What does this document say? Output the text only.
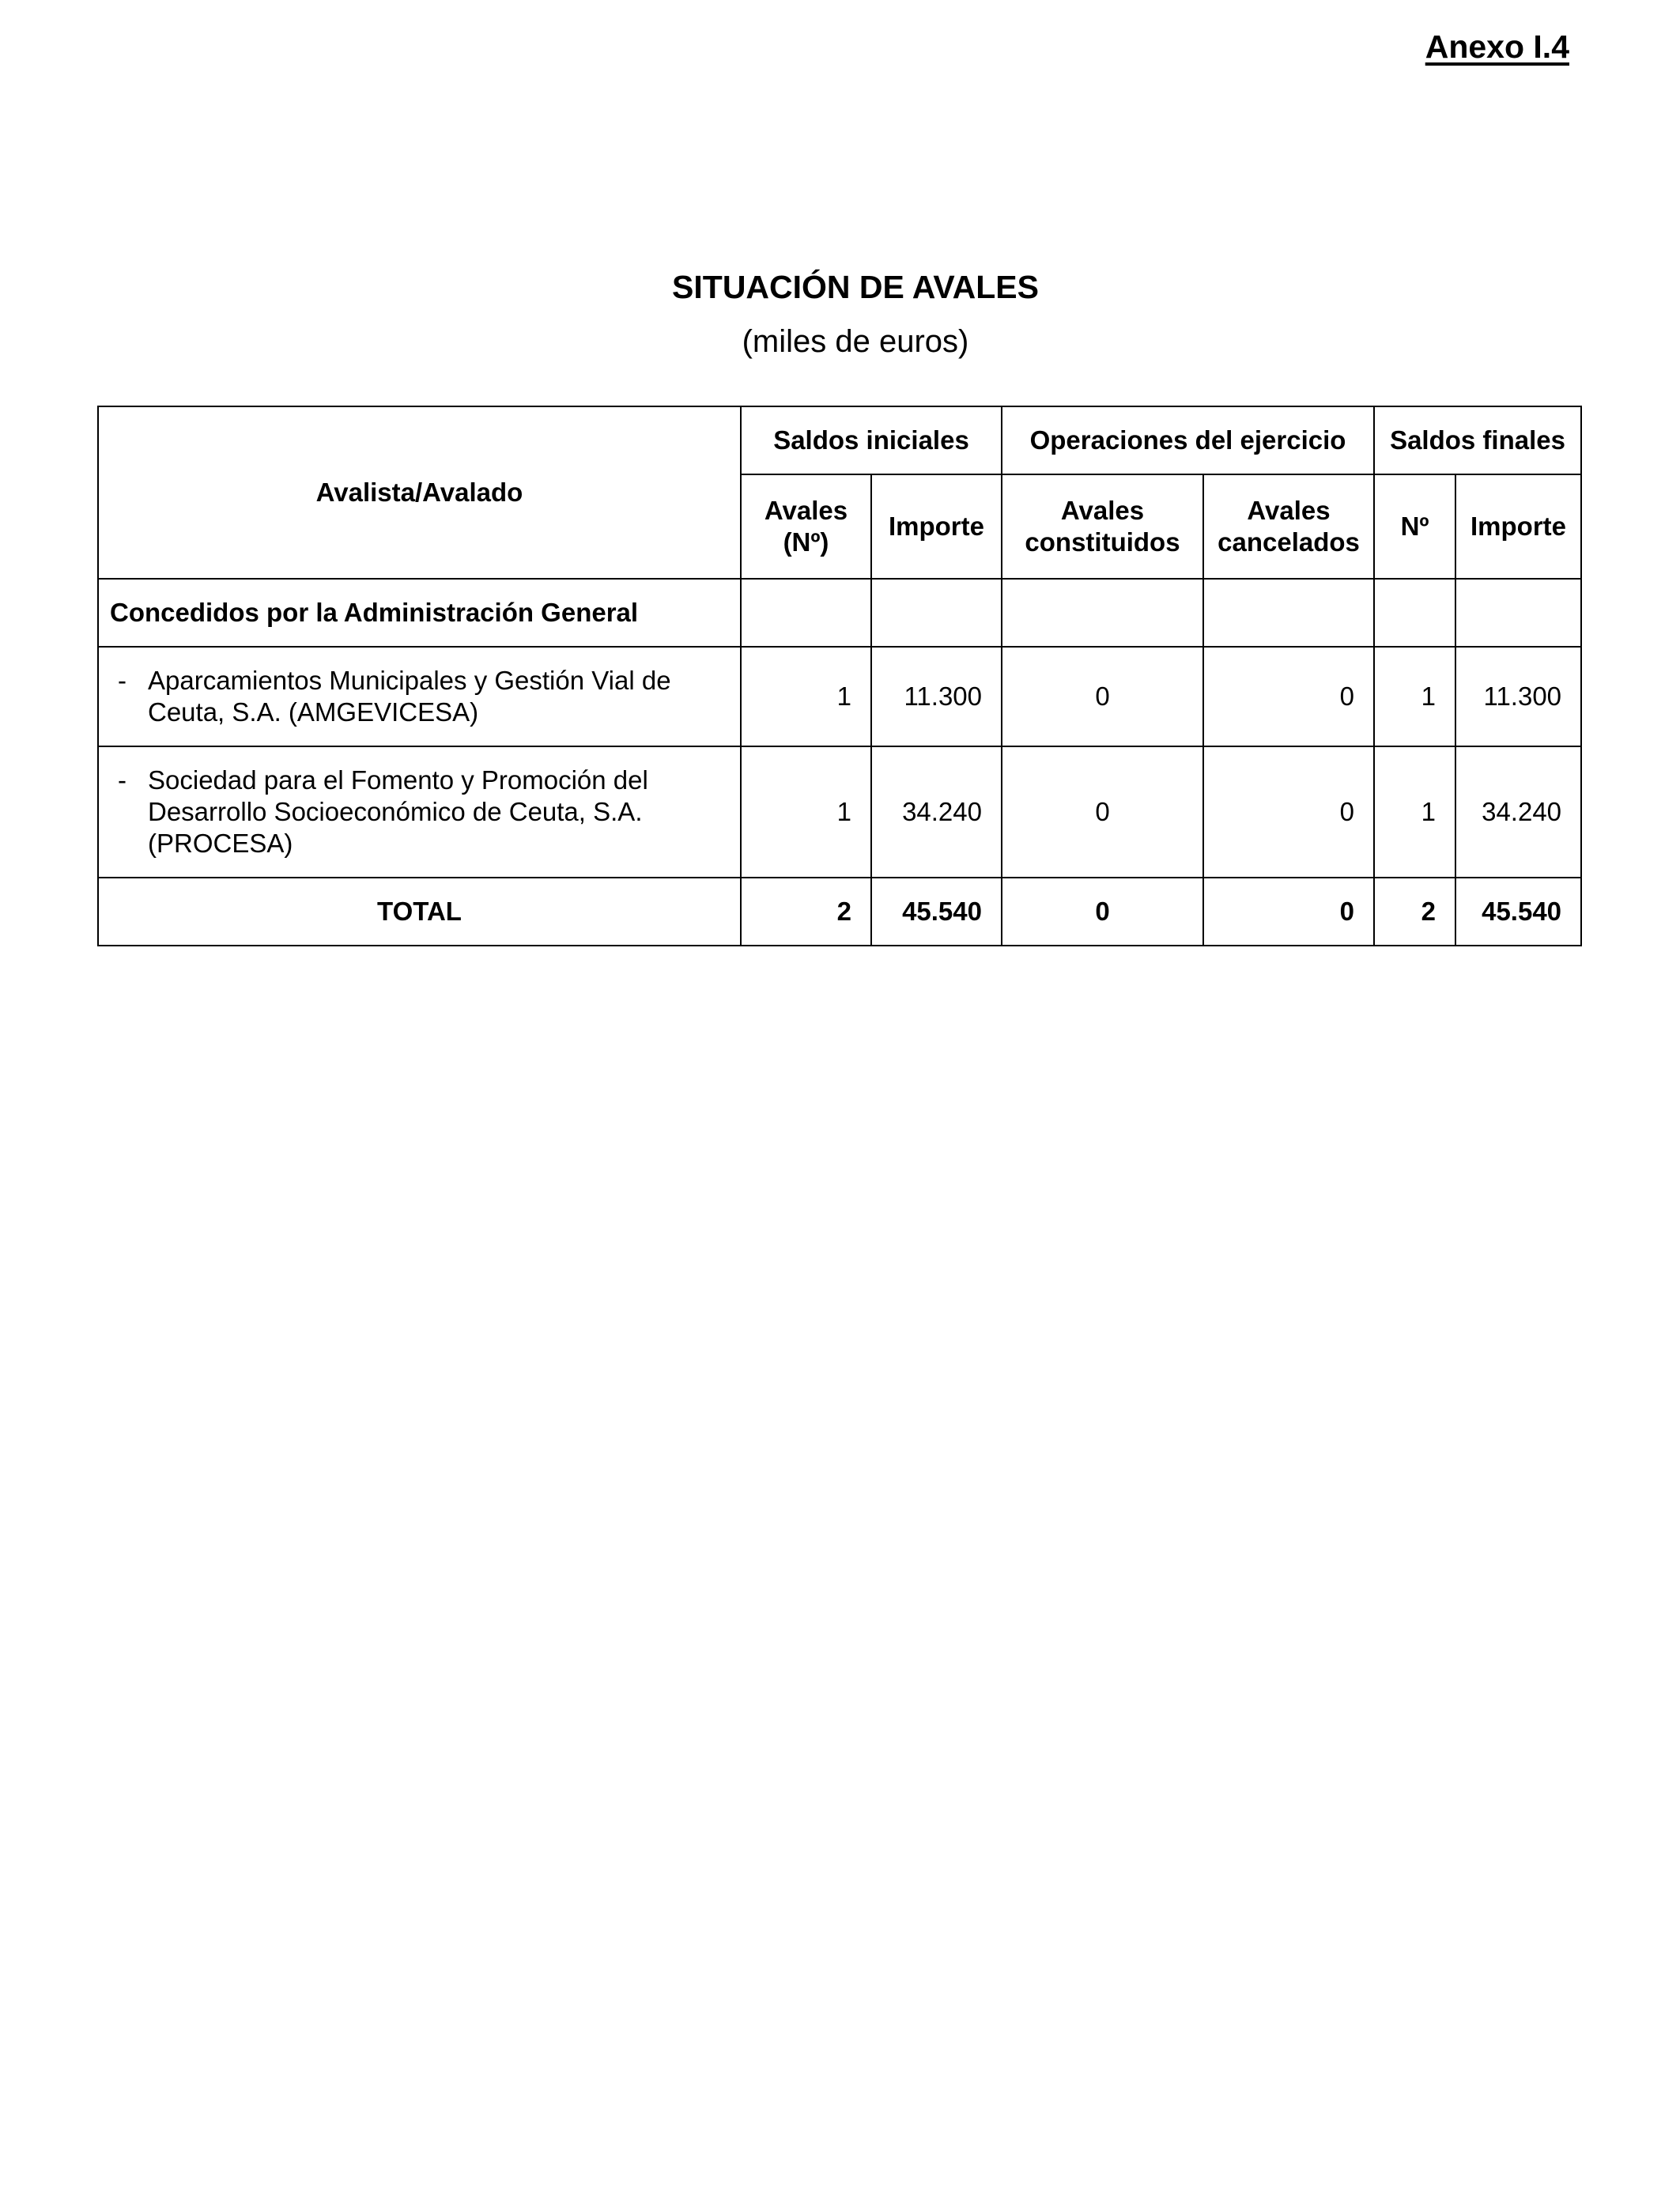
Anexo I.4
SITUACIÓN DE AVALES
(miles de euros)
Avalista/Avalado	Saldos iniciales		Operaciones del ejercicio		Saldos finales	
	Avales (Nº)	Importe	Avales constituidos	Avales cancelados	Nº	Importe
Concedidos por la Administración General						

- Aparcamientos Municipales y Gestión Vial de Ceuta, S.A. (AMGEVICESA)	1	11.300	0	0	1	11.300

- Sociedad para el Fomento y Promoción del Desarrollo Socioeconómico de Ceuta, S.A. (PROCESA)	1	34.240	0	0	1	34.240
TOTAL	2	45.540	0	0	2	45.540
